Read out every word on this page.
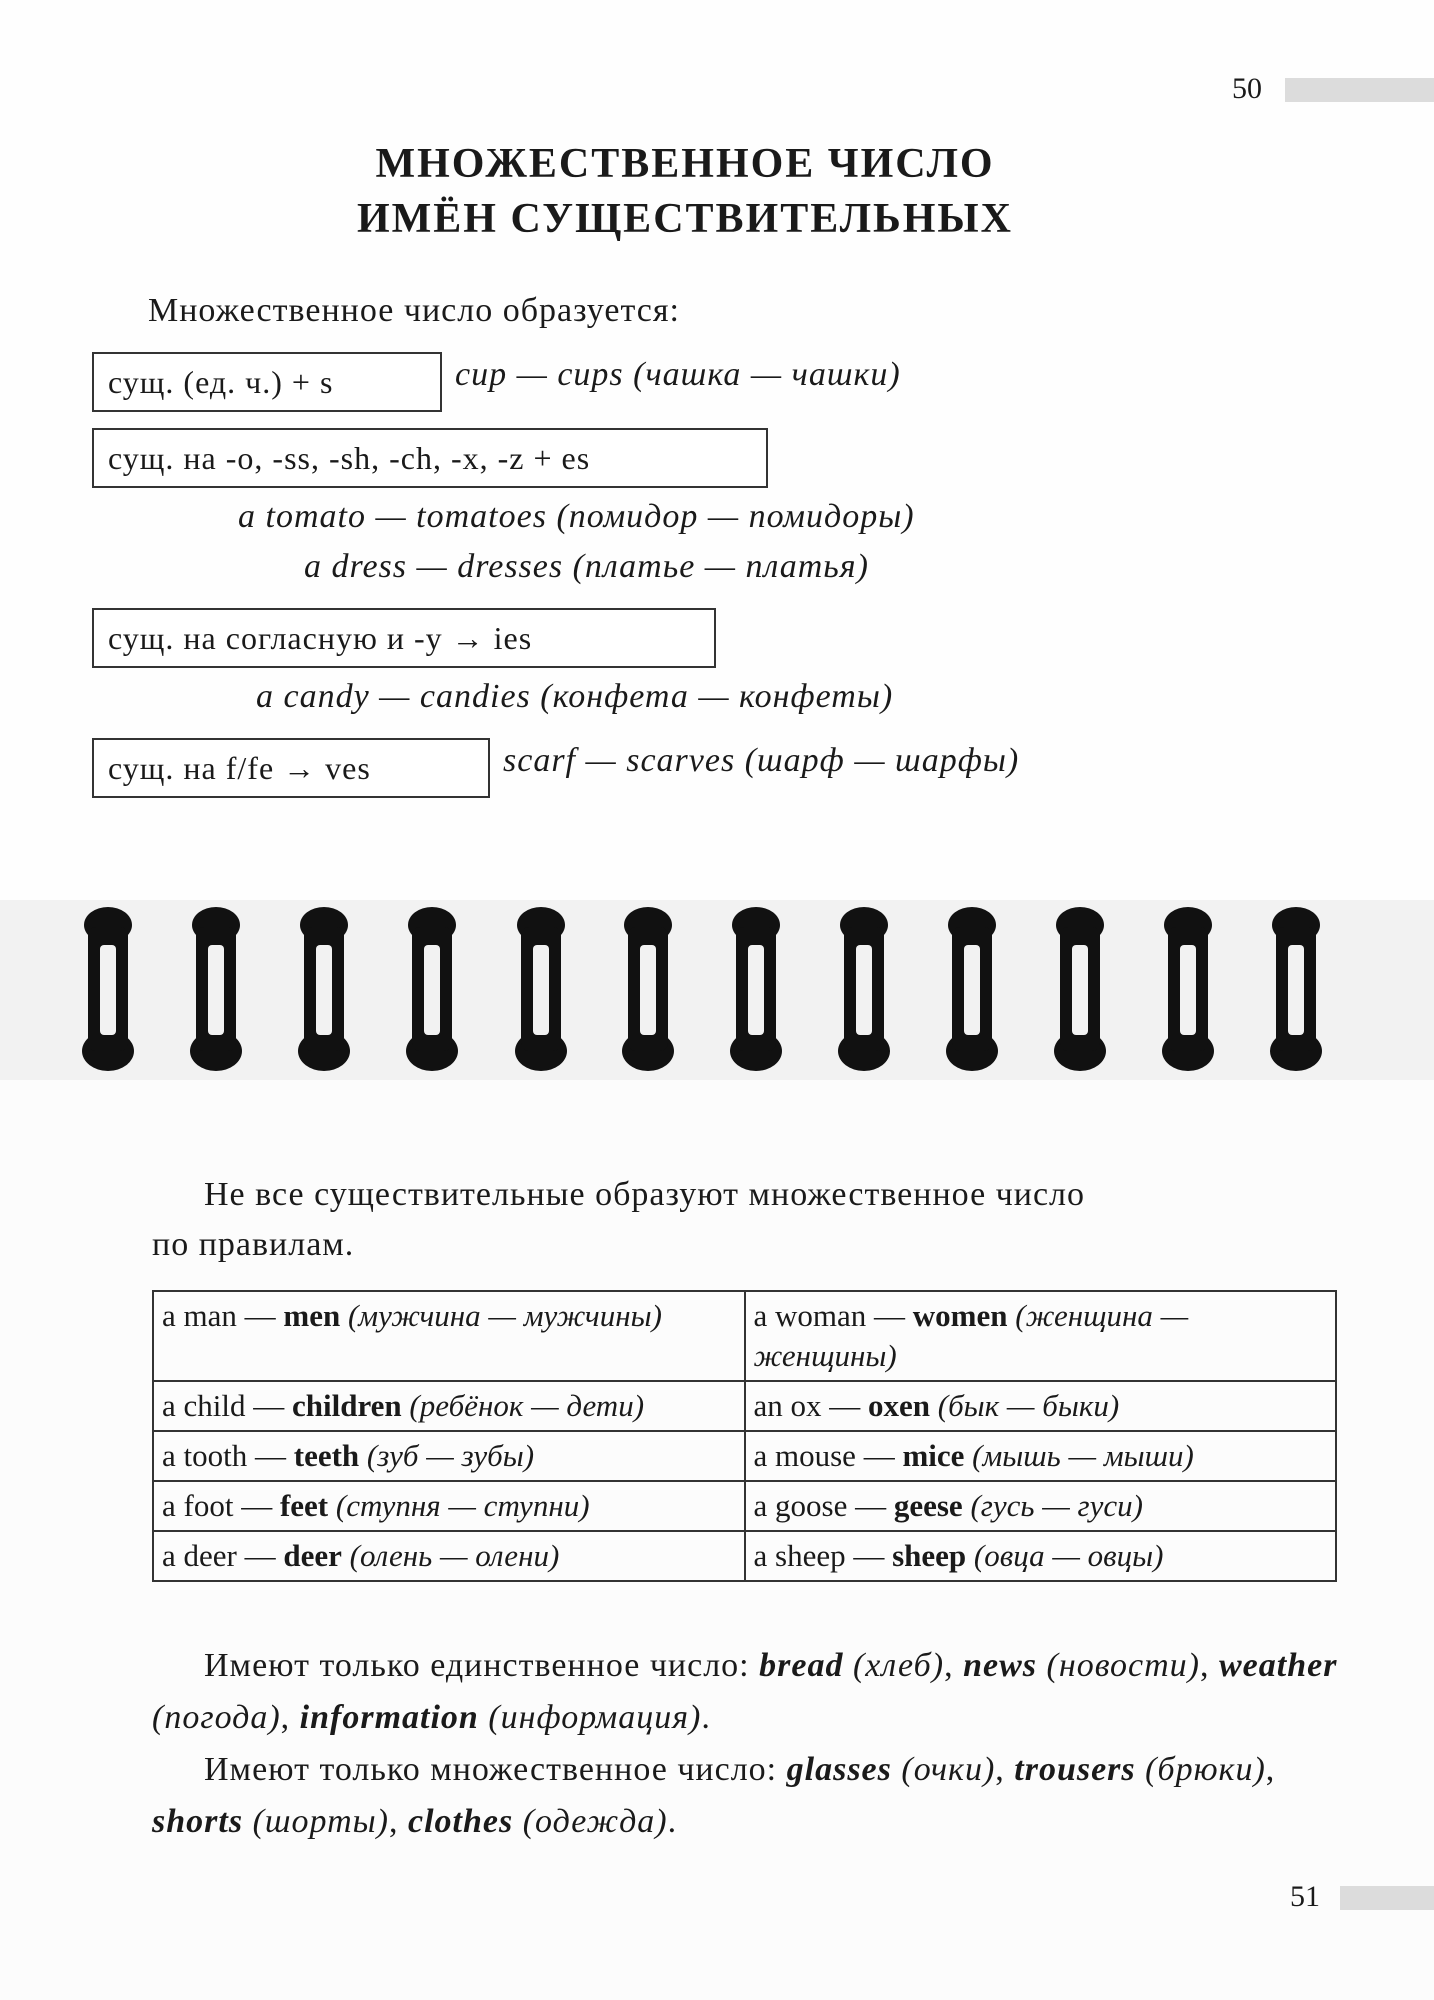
50
МНОЖЕСТВЕННОЕ ЧИСЛО
ИМЁН СУЩЕСТВИТЕЛЬНЫХ
Множественное число образуется:
сущ. (ед. ч.) + s	cup — cups (чашка — чашки)
сущ. на -o, -ss, -sh, -ch, -x, -z + es
a tomato — tomatoes (помидор — помидоры)
a dress — dresses (платье — платья)
сущ. на согласную и -y → ies
a candy — candies (конфета — конфеты)
сущ. на f/fe → ves	scarf — scarves (шарф — шарфы)
Не все существительные образуют множественное число
по правилам.
a man — men (мужчина — мужчины)	a woman — women (женщина — женщины)
a child — children (ребёнок — дети)	an ox — oxen (бык — быки)
a tooth — teeth (зуб — зубы)	a mouse — mice (мышь — мыши)
a foot — feet (ступня — ступни)	a goose — geese (гусь — гуси)
a deer — deer (олень — олени)	a sheep — sheep (овца — овцы)
Имеют только единственное число: bread (хлеб), news (новости), weather (погода), information (информация).
Имеют только множественное число: glasses (очки), trousers (брюки), shorts (шорты), clothes (одежда).
51
